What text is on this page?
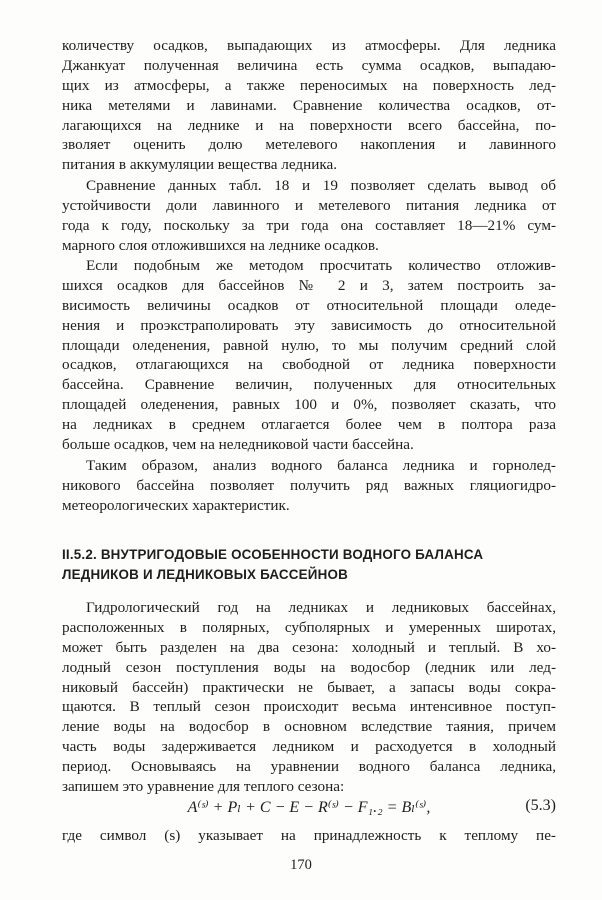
количеству осадков, выпадающих из атмосферы. Для ледника
Джанкуат полученная величина есть сумма осадков, выпадаю-
щих из атмосферы, а также переносимых на поверхность лед-
ника метелями и лавинами. Сравнение количества осадков, от-
лагающихся на леднике и на поверхности всего бассейна, по-
зволяет оценить долю метелевого накопления и лавинного
питания в аккумуляции вещества ледника.
Сравнение данных табл. 18 и 19 позволяет сделать вывод об
устойчивости доли лавинного и метелевого питания ледника от
года к году, поскольку за три года она составляет 18—21% сум-
марного слоя отложившихся на леднике осадков.
Если подобным же методом просчитать количество отложив-
шихся осадков для бассейнов № 2 и 3, затем построить за-
висимость величины осадков от относительной площади оледе-
нения и проэкстраполировать эту зависимость до относительной
площади оледенения, равной нулю, то мы получим средний слой
осадков, отлагающихся на свободной от ледника поверхности
бассейна. Сравнение величин, полученных для относительных
площадей оледенения, равных 100 и 0%, позволяет сказать, что
на ледниках в среднем отлагается более чем в полтора раза
больше осадков, чем на неледниковой части бассейна.
Таким образом, анализ водного баланса ледника и горнолед-
никового бассейна позволяет получить ряд важных гляциогидро-
метеорологических характеристик.
II.5.2. ВНУТРИГОДОВЫЕ ОСОБЕННОСТИ ВОДНОГО БАЛАНСА
ЛЕДНИКОВ И ЛЕДНИКОВЫХ БАССЕЙНОВ
Гидрологический год на ледниках и ледниковых бассейнах,
расположенных в полярных, субполярных и умеренных широтах,
может быть разделен на два сезона: холодный и теплый. В хо-
лодный сезон поступления воды на водосбор (ледник или лед-
никовый бассейн) практически не бывает, а запасы воды сокра-
щаются. В теплый сезон происходит весьма интенсивное поступ-
ление воды на водосбор в основном вследствие таяния, причем
часть воды задерживается ледником и расходуется в холодный
период. Основываясь на уравнении водного баланса ледника,
запишем это уравнение для теплого сезона:
A⁽ˢ⁾ + Pₗ + C − E − R⁽ˢ⁾ − F₁.₂ = Bₗ⁽ˢ⁾,	(5.3)
где символ (s) указывает на принадлежность к теплому пе-
170
